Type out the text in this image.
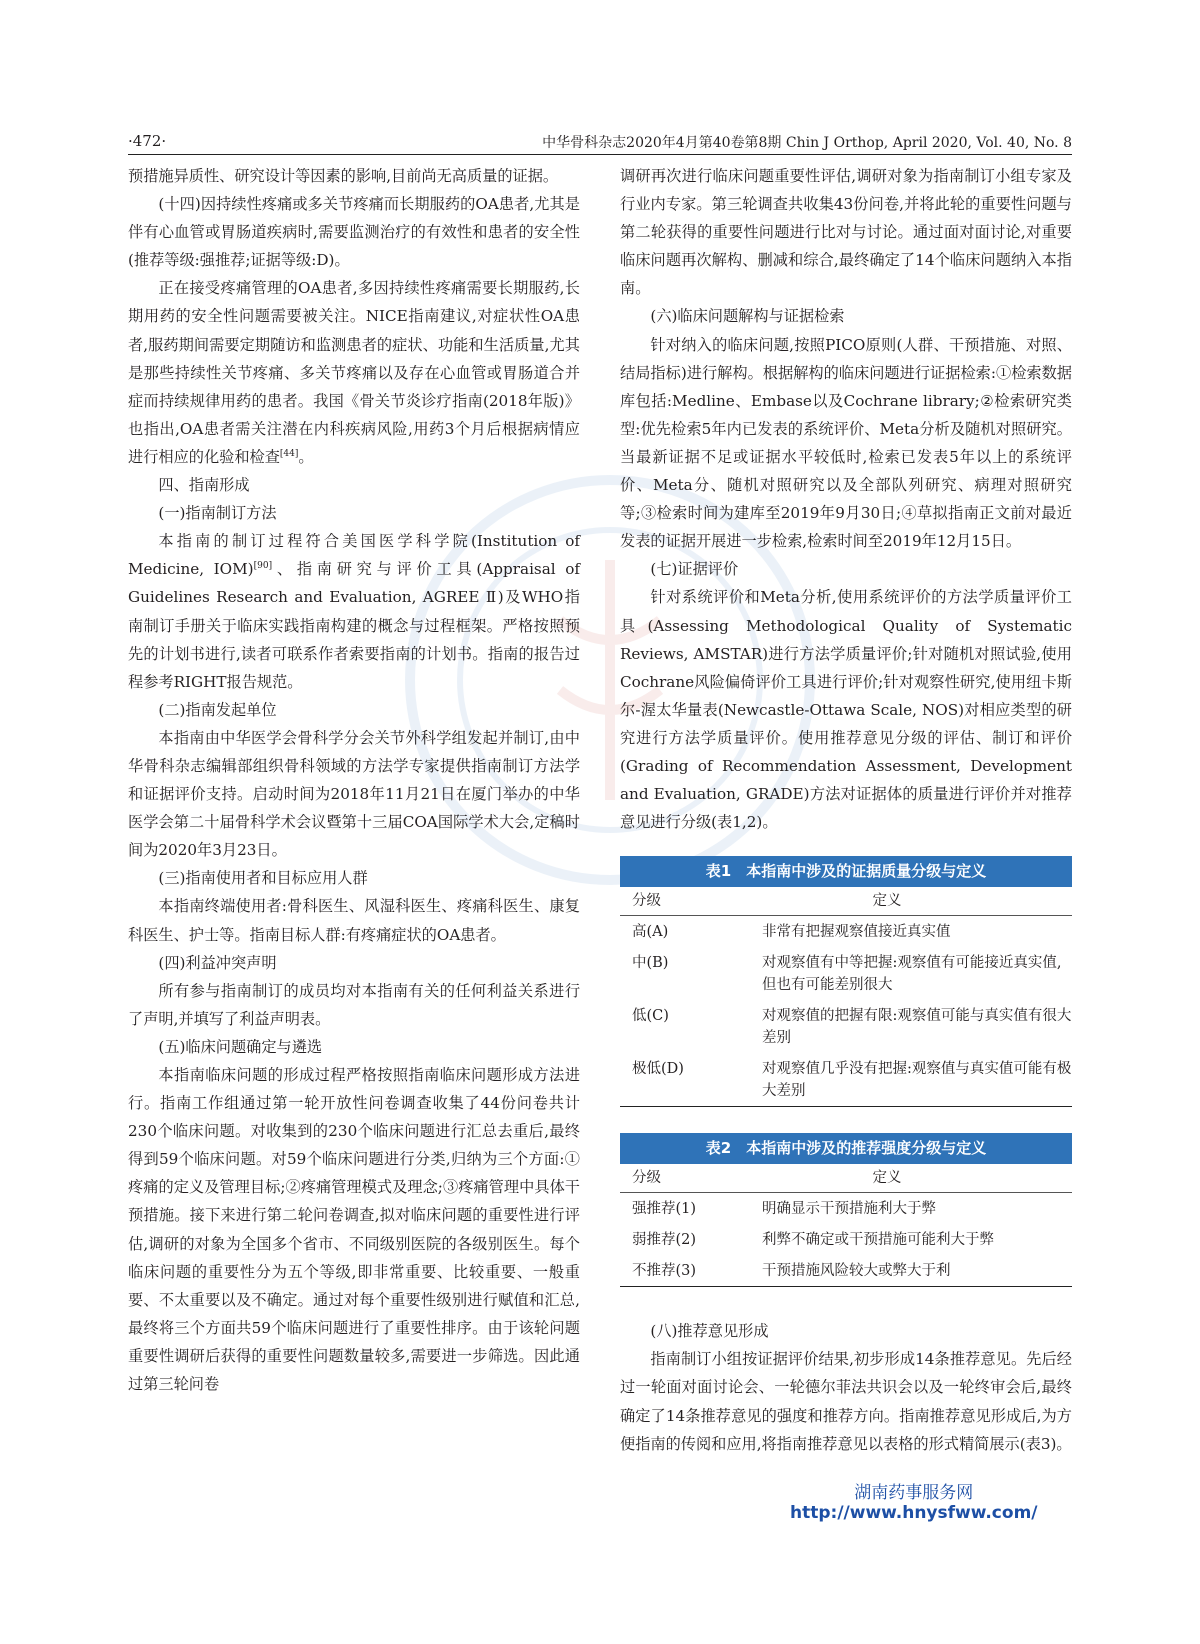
·472·	中华骨科杂志2020年4月第40卷第8期 Chin J Orthop, April 2020, Vol. 40, No. 8

预措施异质性、研究设计等因素的影响,目前尚无高质量的证据。

(十四)因持续性疼痛或多关节疼痛而长期服药的OA患者,尤其是伴有心血管或胃肠道疾病时,需要监测治疗的有效性和患者的安全性(推荐等级:强推荐;证据等级:D)。

正在接受疼痛管理的OA患者,多因持续性疼痛需要长期服药,长期用药的安全性问题需要被关注。NICE指南建议,对症状性OA患者,服药期间需要定期随访和监测患者的症状、功能和生活质量,尤其是那些持续性关节疼痛、多关节疼痛以及存在心血管或胃肠道合并症而持续规律用药的患者。我国《骨关节炎诊疗指南(2018年版)》也指出,OA患者需关注潜在内科疾病风险,用药3个月后根据病情应进行相应的化验和检查[44]。

四、指南形成

(一)指南制订方法

本指南的制订过程符合美国医学科学院(Institution of Medicine, IOM)[90]、指南研究与评价工具(Appraisal of Guidelines Research and Evaluation, AGREE Ⅱ)及WHO指南制订手册关于临床实践指南构建的概念与过程框架。严格按照预先的计划书进行,读者可联系作者索要指南的计划书。指南的报告过程参考RIGHT报告规范。

(二)指南发起单位

本指南由中华医学会骨科学分会关节外科学组发起并制订,由中华骨科杂志编辑部组织骨科领域的方法学专家提供指南制订方法学和证据评价支持。启动时间为2018年11月21日在厦门举办的中华医学会第二十届骨科学术会议暨第十三届COA国际学术大会,定稿时间为2020年3月23日。

(三)指南使用者和目标应用人群

本指南终端使用者:骨科医生、风湿科医生、疼痛科医生、康复科医生、护士等。指南目标人群:有疼痛症状的OA患者。

(四)利益冲突声明

所有参与指南制订的成员均对本指南有关的任何利益关系进行了声明,并填写了利益声明表。

(五)临床问题确定与遴选

本指南临床问题的形成过程严格按照指南临床问题形成方法进行。指南工作组通过第一轮开放性问卷调查收集了44份问卷共计230个临床问题。对收集到的230个临床问题进行汇总去重后,最终得到59个临床问题。对59个临床问题进行分类,归纳为三个方面:①疼痛的定义及管理目标;②疼痛管理模式及理念;③疼痛管理中具体干预措施。接下来进行第二轮问卷调查,拟对临床问题的重要性进行评估,调研的对象为全国多个省市、不同级别医院的各级别医生。每个临床问题的重要性分为五个等级,即非常重要、比较重要、一般重要、不太重要以及不确定。通过对每个重要性级别进行赋值和汇总,最终将三个方面共59个临床问题进行了重要性排序。由于该轮问题重要性调研后获得的重要性问题数量较多,需要进一步筛选。因此通过第三轮问卷

调研再次进行临床问题重要性评估,调研对象为指南制订小组专家及行业内专家。第三轮调查共收集43份问卷,并将此轮的重要性问题与第二轮获得的重要性问题进行比对与讨论。通过面对面讨论,对重要临床问题再次解构、删减和综合,最终确定了14个临床问题纳入本指南。

(六)临床问题解构与证据检索

针对纳入的临床问题,按照PICO原则(人群、干预措施、对照、结局指标)进行解构。根据解构的临床问题进行证据检索:①检索数据库包括:Medline、Embase以及Cochrane library;②检索研究类型:优先检索5年内已发表的系统评价、Meta分析及随机对照研究。当最新证据不足或证据水平较低时,检索已发表5年以上的系统评价、Meta分、随机对照研究以及全部队列研究、病理对照研究等;③检索时间为建库至2019年9月30日;④草拟指南正文前对最近发表的证据开展进一步检索,检索时间至2019年12月15日。

(七)证据评价

针对系统评价和Meta分析,使用系统评价的方法学质量评价工具(Assessing Methodological Quality of Systematic Reviews, AMSTAR)进行方法学质量评价;针对随机对照试验,使用Cochrane风险偏倚评价工具进行评价;针对观察性研究,使用纽卡斯尔-渥太华量表(Newcastle-Ottawa Scale, NOS)对相应类型的研究进行方法学质量评价。使用推荐意见分级的评估、制订和评价(Grading of Recommendation Assessment, Development and Evaluation, GRADE)方法对证据体的质量进行评价并对推荐意见进行分级(表1,2)。

表1　本指南中涉及的证据质量分级与定义
分级	定义
高(A)	非常有把握观察值接近真实值
中(B)	对观察值有中等把握:观察值有可能接近真实值,但也有可能差别很大
低(C)	对观察值的把握有限:观察值可能与真实值有很大差别
极低(D)	对观察值几乎没有把握:观察值与真实值可能有极大差别
表2　本指南中涉及的推荐强度分级与定义
分级	定义
强推荐(1)	明确显示干预措施利大于弊
弱推荐(2)	利弊不确定或干预措施可能利大于弊
不推荐(3)	干预措施风险较大或弊大于利

(八)推荐意见形成

指南制订小组按证据评价结果,初步形成14条推荐意见。先后经过一轮面对面讨论会、一轮德尔菲法共识会以及一轮终审会后,最终确定了14条推荐意见的强度和推荐方向。指南推荐意见形成后,为方便指南的传阅和应用,将指南推荐意见以表格的形式精简展示(表3)。

湖南药事服务网
http://www.hnysfww.com/
